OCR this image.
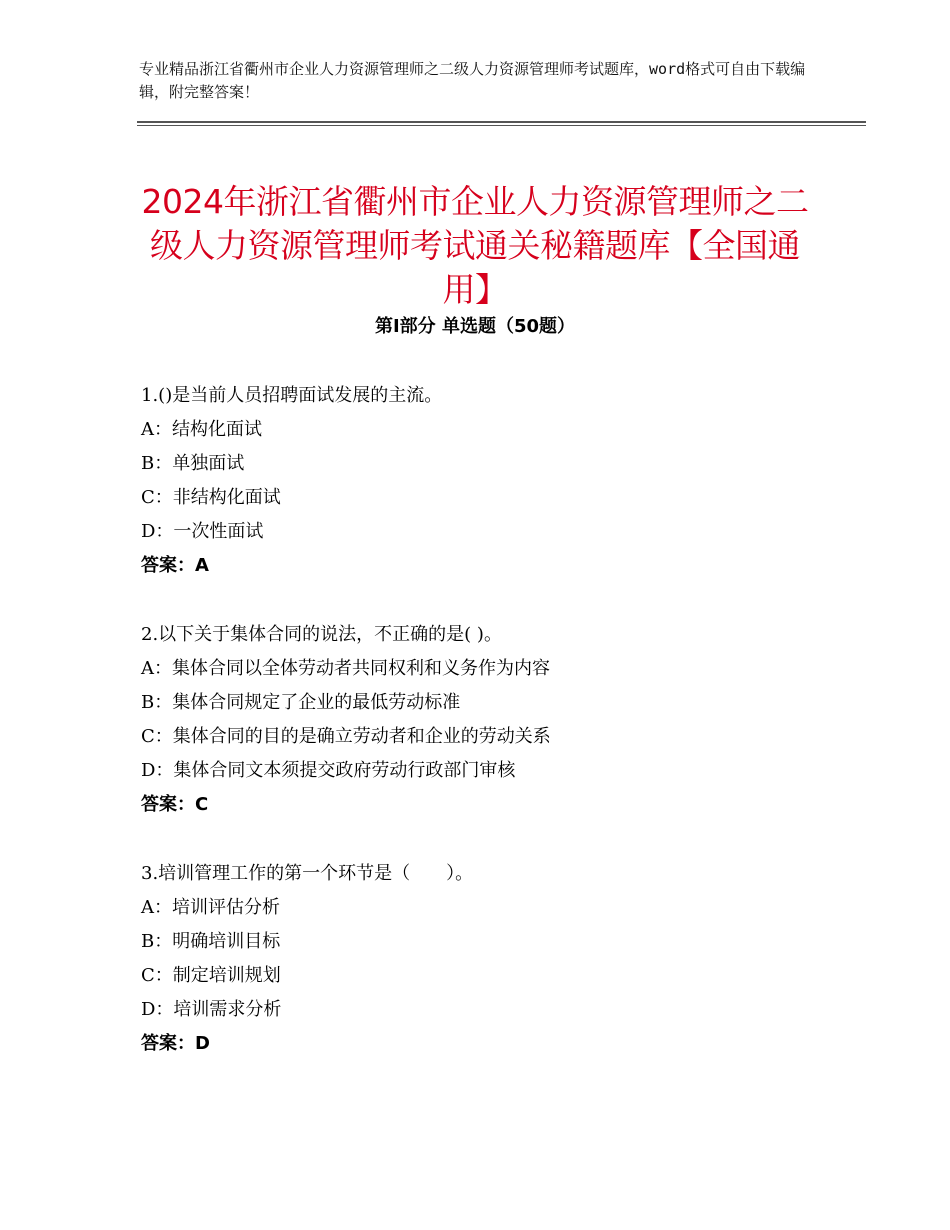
专业精品浙江省衢州市企业人力资源管理师之二级人力资源管理师考试题库，word格式可自由下载编辑，附完整答案！
2024年浙江省衢州市企业人力资源管理师之二级人力资源管理师考试通关秘籍题库【全国通用】
第Ⅰ部分 单选题（50题）
1.()是当前人员招聘面试发展的主流。
A：结构化面试
B：单独面试
C：非结构化面试
D：一次性面试
答案：A
2.以下关于集体合同的说法，不正确的是( )。
A：集体合同以全体劳动者共同权利和义务作为内容
B：集体合同规定了企业的最低劳动标准
C：集体合同的目的是确立劳动者和企业的劳动关系
D：集体合同文本须提交政府劳动行政部门审核
答案：C
3.培训管理工作的第一个环节是（　　）。
A：培训评估分析
B：明确培训目标
C：制定培训规划
D：培训需求分析
答案：D
